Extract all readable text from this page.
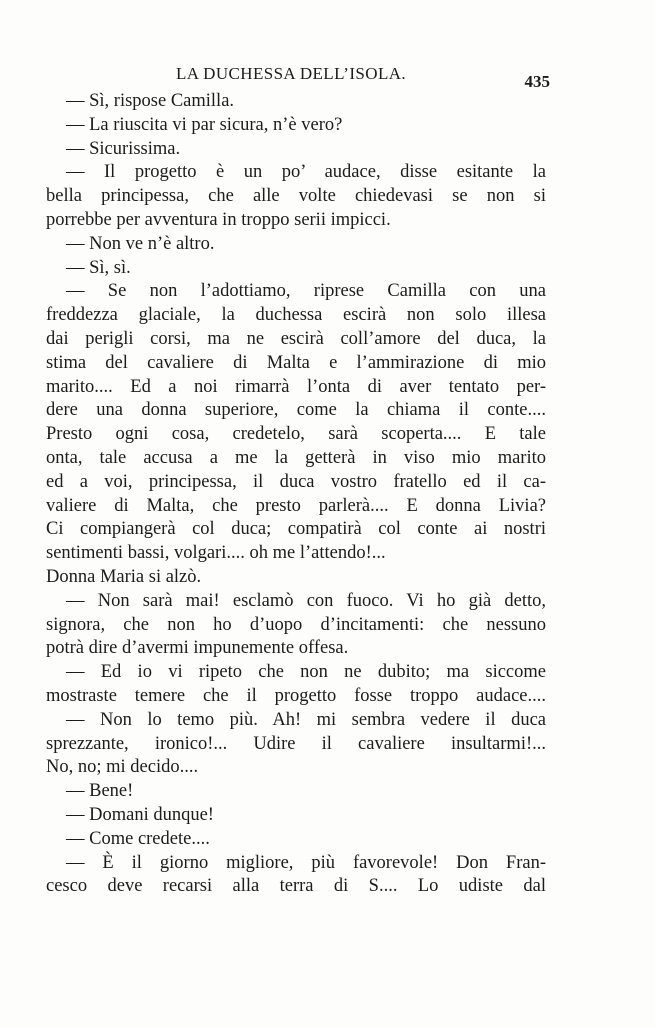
LA DUCHESSA DELL’ISOLA.	435
— Sì, rispose Camilla.
— La riuscita vi par sicura, n’è vero?
— Sicurissima.
— Il progetto è un po’ audace, disse esitante la
bella principessa, che alle volte chiedevasi se non si
porrebbe per avventura in troppo serii impicci.
— Non ve n’è altro.
— Sì, sì.
— Se non l’adottiamo, riprese Camilla con una
freddezza glaciale, la duchessa escirà non solo illesa
dai perigli corsi, ma ne escirà coll’amore del duca, la
stima del cavaliere di Malta e l’ammirazione di mio
marito.... Ed a noi rimarrà l’onta di aver tentato per-
dere una donna superiore, come la chiama il conte....
Presto ogni cosa, credetelo, sarà scoperta.... E tale
onta, tale accusa a me la getterà in viso mio marito
ed a voi, principessa, il duca vostro fratello ed il ca-
valiere di Malta, che presto parlerà.... E donna Livia?
Ci compiangerà col duca; compatirà col conte ai nostri
sentimenti bassi, volgari.... oh me l’attendo!...
Donna Maria si alzò.
— Non sarà mai! esclamò con fuoco. Vi ho già detto,
signora, che non ho d’uopo d’incitamenti: che nessuno
potrà dire d’avermi impunemente offesa.
— Ed io vi ripeto che non ne dubito; ma siccome
mostraste temere che il progetto fosse troppo audace....
— Non lo temo più. Ah! mi sembra vedere il duca
sprezzante, ironico!... Udire il cavaliere insultarmi!...
No, no; mi decido....
— Bene!
— Domani dunque!
— Come credete....
— È il giorno migliore, più favorevole! Don Fran-
cesco deve recarsi alla terra di S.... Lo udiste dal
